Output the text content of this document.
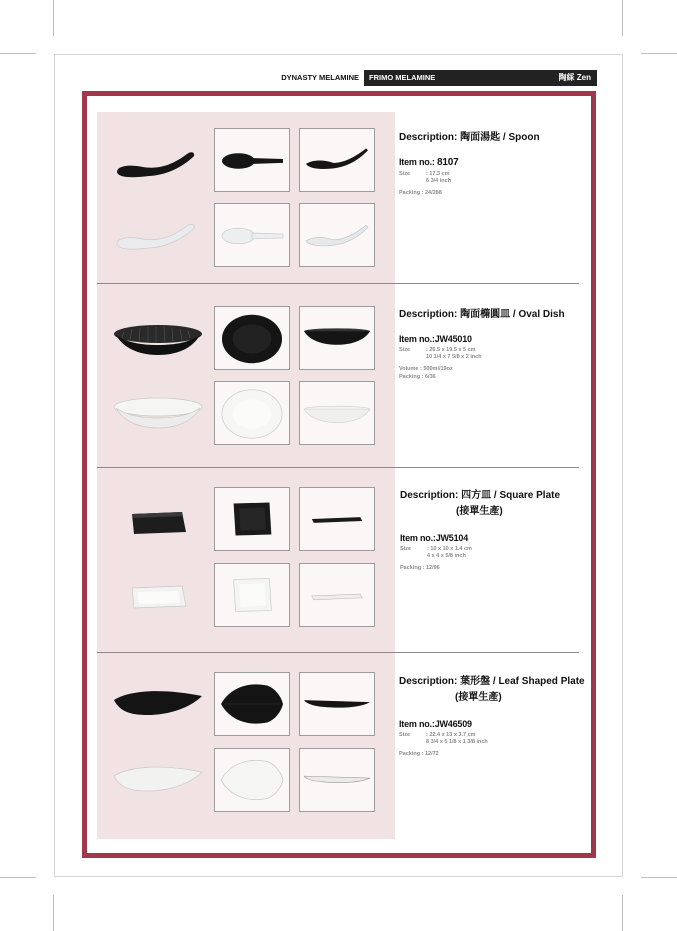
DYNASTY MELAMINE	FRIMO MELAMINE	陶綵 Zen
Description: 陶面湯匙 / Spoon
Item no.: 8107
Size	: 17.3 cm
6 3/4 inch
Packing : 24/288
Description: 陶面橢圓皿 / Oval Dish
Item no.:JW45010
Size	: 26.5 x 19.5 x 5 cm
10 1/4 x 7 5/8 x 2 inch
Volume : 500ml/19oz
Packing : 6/36
Description: 四方皿 / Square Plate
(接單生產)
Item no.:JW5104
Size	: 10 x 10 x 1.4 cm
4 x 4 x 5/8 inch
Packing : 12/96
Description: 葉形盤 / Leaf Shaped Plate
(接單生產)
Item no.:JW46509
Size	: 22.4 x 13 x 3.7 cm
8 3/4 x 5 1/8 x 1 3/8 inch
Packing : 12/72
